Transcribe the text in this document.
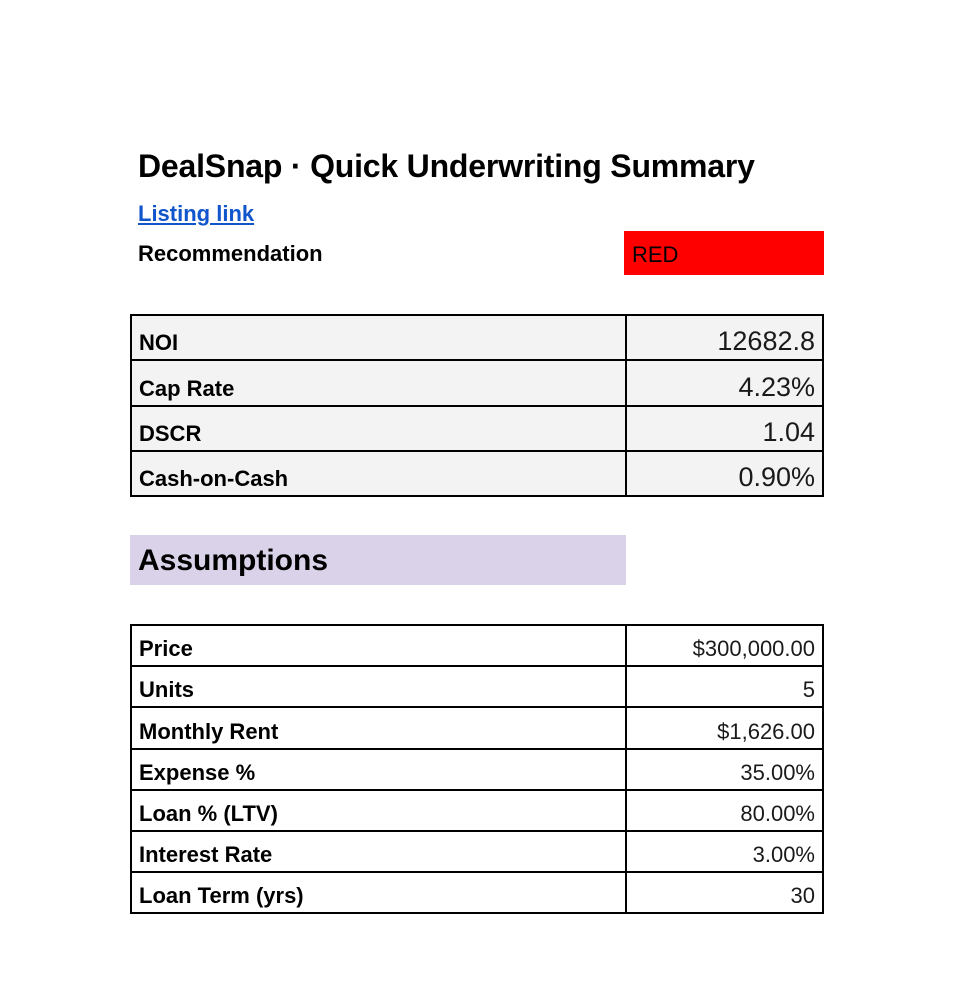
DealSnap · Quick Underwriting Summary
Listing link
Recommendation	RED
NOI	12682.8
Cap Rate	4.23%
DSCR	1.04
Cash-on-Cash	0.90%
Assumptions
Price	$300,000.00
Units	5
Monthly Rent	$1,626.00
Expense %	35.00%
Loan % (LTV)	80.00%
Interest Rate	3.00%
Loan Term (yrs)	30
